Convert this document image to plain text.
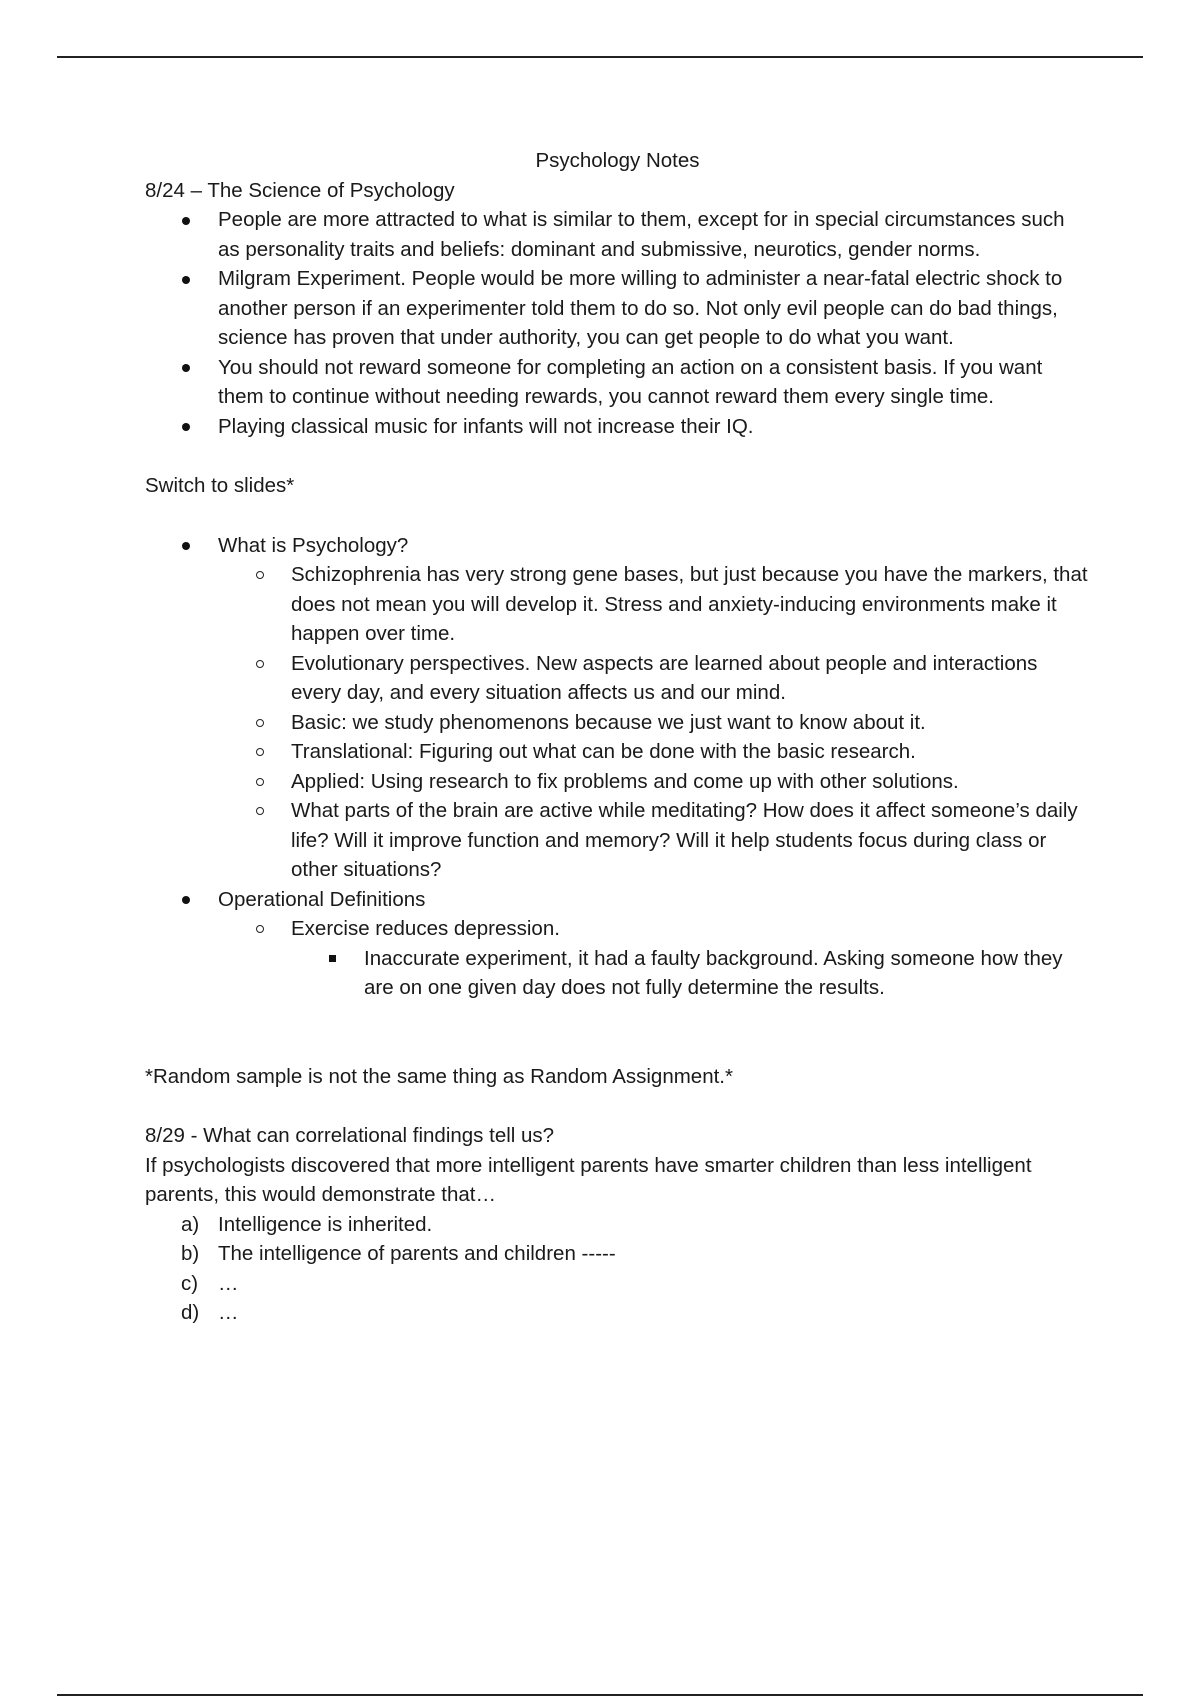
Psychology Notes

8/24 – The Science of Psychology

People are more attracted to what is similar to them, except for in special circumstances such as personality traits and beliefs: dominant and submissive, neurotics, gender norms.
Milgram Experiment. People would be more willing to administer a near-fatal electric shock to another person if an experimenter told them to do so. Not only evil people can do bad things, science has proven that under authority, you can get people to do what you want.
You should not reward someone for completing an action on a consistent basis. If you want them to continue without needing rewards, you cannot reward them every single time.
Playing classical music for infants will not increase their IQ.

Switch to slides*

What is Psychology?
Schizophrenia has very strong gene bases, but just because you have the markers, that does not mean you will develop it. Stress and anxiety-inducing environments make it happen over time.
Evolutionary perspectives. New aspects are learned about people and interactions every day, and every situation affects us and our mind.
Basic: we study phenomenons because we just want to know about it.
Translational: Figuring out what can be done with the basic research.
Applied: Using research to fix problems and come up with other solutions.
What parts of the brain are active while meditating? How does it affect someone’s daily life? Will it improve function and memory? Will it help students focus during class or other situations?
Operational Definitions
Exercise reduces depression.
Inaccurate experiment, it had a faulty background. Asking someone how they are on one given day does not fully determine the results.

*Random sample is not the same thing as Random Assignment.*

8/29 - What can correlational findings tell us?

If psychologists discovered that more intelligent parents have smarter children than less intelligent parents, this would demonstrate that…

a) Intelligence is inherited.
b) The intelligence of parents and children -----
c) …
d) …
